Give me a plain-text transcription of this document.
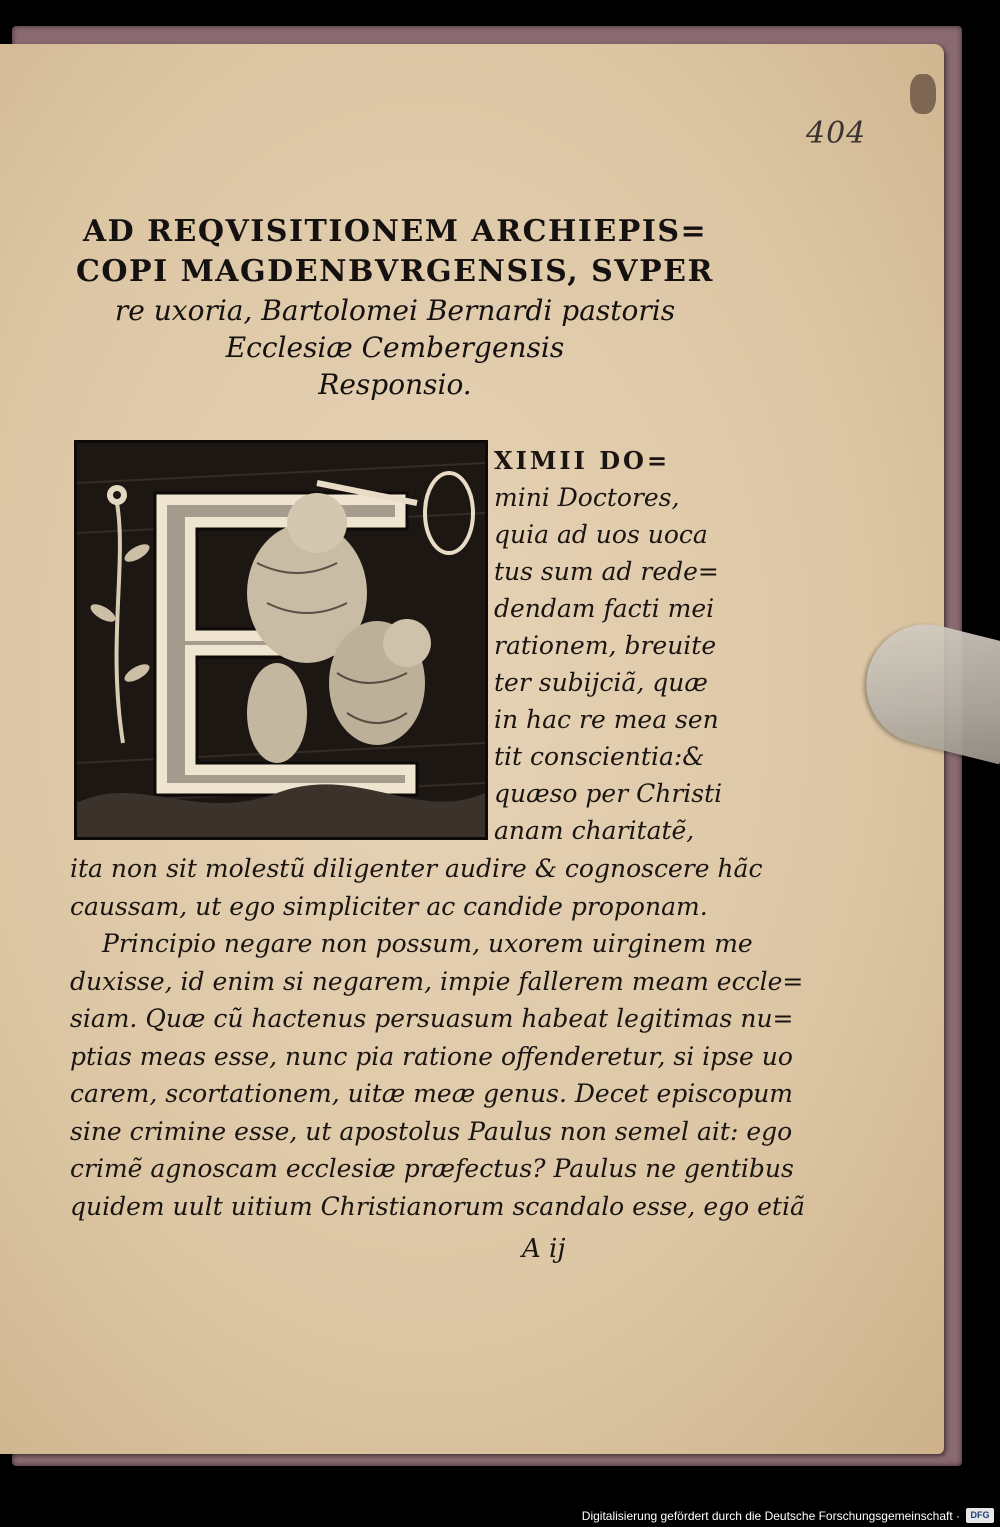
404
AD REQVISITIONEM ARCHIEPIS=
COPI MAGDENBVRGENSIS, SVPER
re uxoria, Bartolomei Bernardi pastoris
Ecclesiæ Cembergensis
Responsio.
XIMII DO=
mini Doctores,
quia ad uos uoca
tus sum ad rede=
dendam facti mei
rationem, breuite
ter subijciã, quæ
in hac re mea sen
tit conscientia:&
quæso per Christi
anam charitatẽ,
ita non sit molestũ diligenter audire & cognoscere hãc
caussam, ut ego simpliciter ac candide proponam.
Principio negare non possum, uxorem uirginem me
duxisse, id enim si negarem, impie fallerem meam eccle=
siam. Quæ cũ hactenus persuasum habeat legitimas nu=
ptias meas esse, nunc pia ratione offenderetur, si ipse uo
carem, scortationem, uitæ meæ genus. Decet episcopum
sine crimine esse, ut apostolus Paulus non semel ait: ego
crimẽ agnoscam ecclesiæ præfectus? Paulus ne gentibus
quidem uult uitium Christianorum scandalo esse, ego etiã
A ij
Digitalisierung gefördert durch die Deutsche Forschungsgemeinschaft ·	DFG
